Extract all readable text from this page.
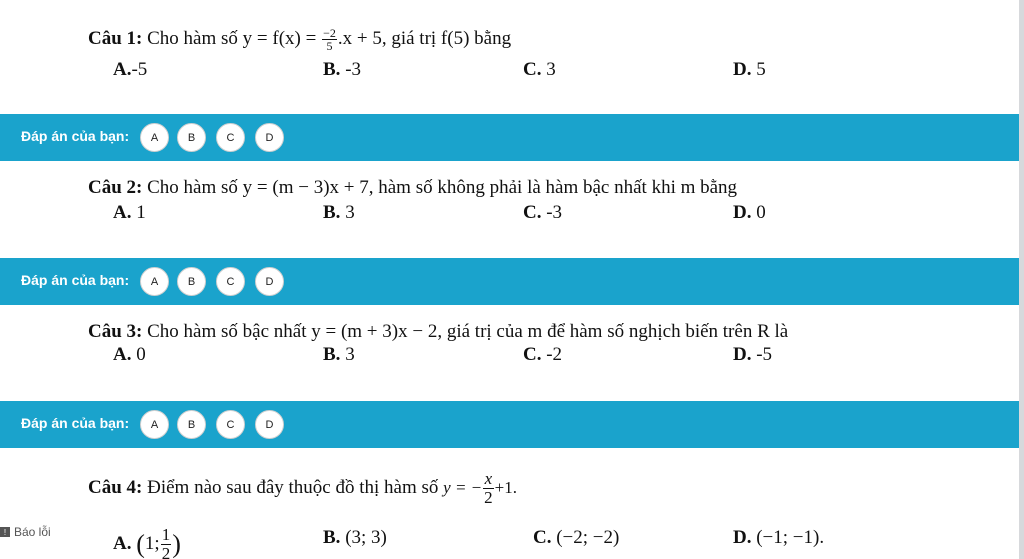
Câu 1: Cho hàm số $y = f(x) = \frac{-2}{5} .x + 5$, giá trị f(5) bằng
A.-5	B. -3	C. 3	D. 5
Đáp án của bạn:	A	B	C	D
Câu 2: Cho hàm số y = (m − 3)x + 7, hàm số không phải là hàm bậc nhất khi m bằng
A. 1	B. 3	C. -3	D. 0
Đáp án của bạn:	A	B	C	D
Câu 3: Cho hàm số bậc nhất y = (m + 3)x − 2, giá trị của m để hàm số nghịch biến trên R là
A. 0	B. 3	C. -2	D. -5
Đáp án của bạn:	A	B	C	D
Câu 4: Điểm nào sau đây thuộc đồ thị hàm số y = − $\frac{x}{2} +1$.
A. (1; $\frac{1}{2}$ )	B. (3; 3)	C. (−2; −2)	D. (−1; −1).
! Báo lỗi
